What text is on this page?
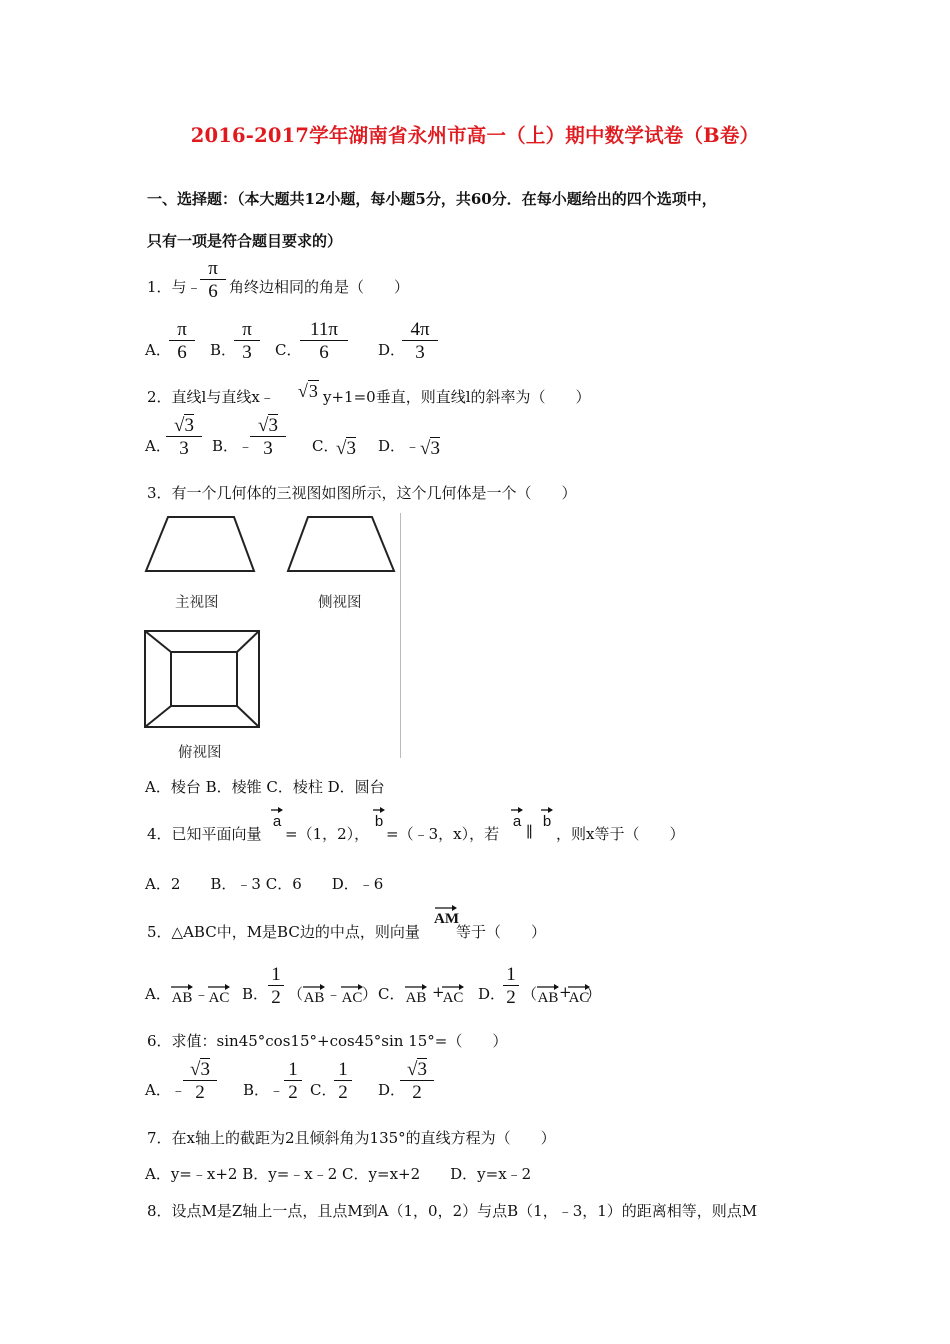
2016-2017学年湖南省永州市高一（上）期中数学试卷（B卷）
一、选择题：（本大题共12小题，每小题5分，共60分．在每小题给出的四个选项中，
只有一项是符合题目要求的）
1．与﹣
π
6 角终边相同的角是（　　）
A．
π
6	B．
π
3	C．
11π
6	D．
4π
3
2．直线l与直线x﹣ √3 y+1=0垂直，则直线l的斜率为（　　）
A．
√3
3	B．﹣
√3
3	C．
√3 D．﹣ √3
3．有一个几何体的三视图如图所示，这个几何体是一个（　　）
主视图	侧视图
俯视图
A．棱台 B．棱锥 C．棱柱 D．圆台
4．已知平面向量
a
=（1，2），
b
=（﹣3，x），若
a
∥
b
，则x等于（　　）
A．2　　B．﹣3 C．6　　D．﹣6
5．△ABC中，M是BC边的中点，则向量
AM
等于（　　）
A． AB ﹣ AC B．
1
2 （ AB ﹣ AC ） C． AB +
AC D．
1
2 （ AB +
AC
）
6．求值：sin45°cos15°+cos45°sin 15°=（　　）
A．﹣
√3
2	B．﹣
1
2 C．
1
2 D．
√3
2
7．在x轴上的截距为2且倾斜角为135°的直线方程为（　　）
A．y=﹣x+2 B．y=﹣x﹣2 C．y=x+2　　D．y=x﹣2
8．设点M是Z轴上一点，且点M到A（1，0，2）与点B（1，﹣3，1）的距离相等，则点M
